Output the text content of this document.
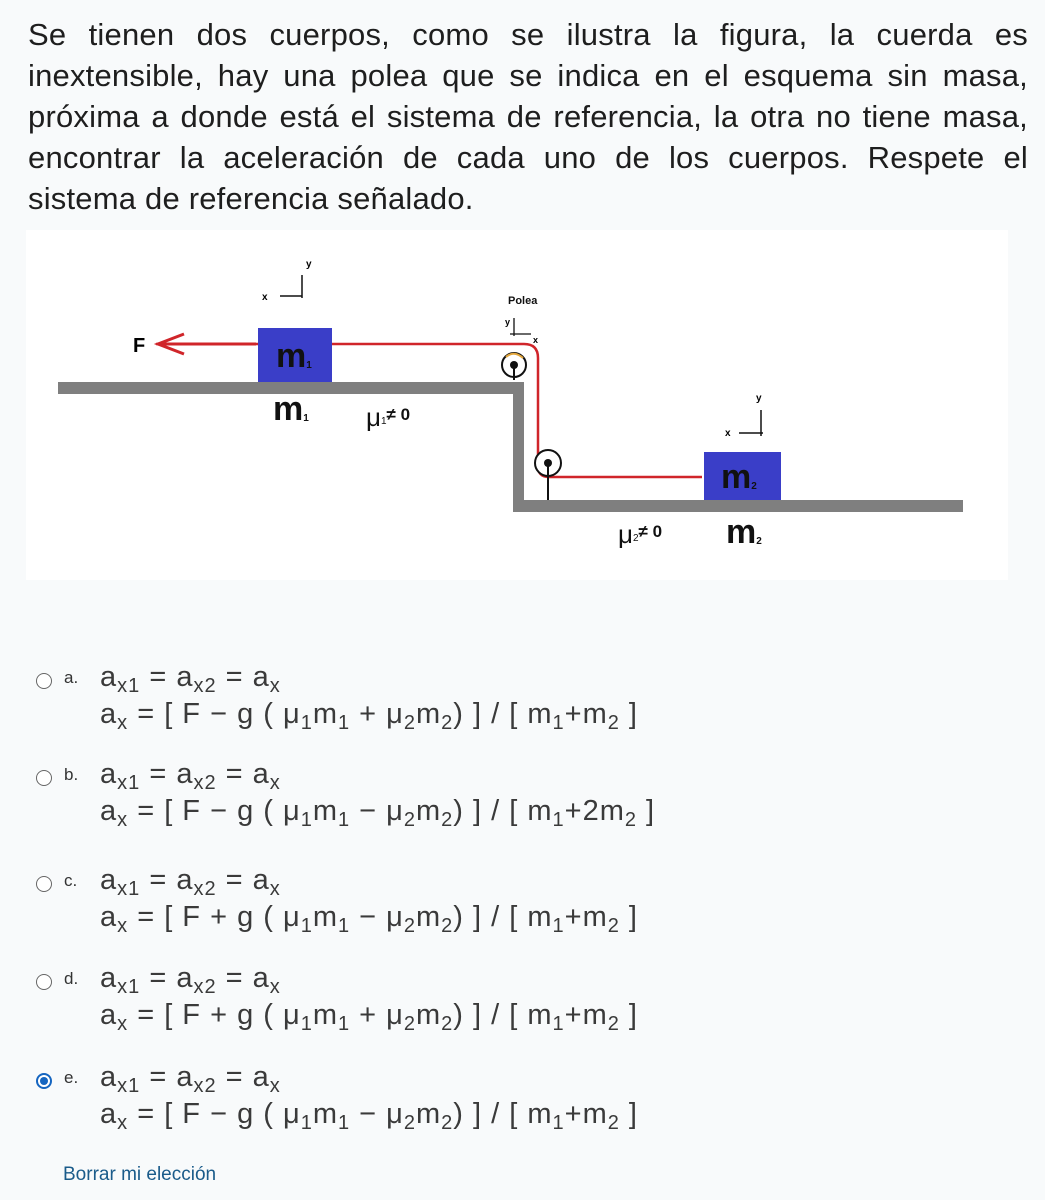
Se tienen dos cuerpos, como se ilustra la figura, la cuerda es inextensible, hay una polea que se indica en el esquema sin masa, próxima a donde está el sistema de referencia, la otra no tiene masa, encontrar la aceleración de cada uno de los cuerpos. Respete el sistema de referencia señalado.
F	m1
m2
m1 μ1≠ 0
μ2≠ 0 m2
Polea
y
x
y
x
y
x
a. $a_{x1} = a_{x2} = a_x$
$a_x$ = [ F − g ( $\mu_1m_1 + \mu_2m_2$) ] / [ $m_1+m_2$ ]
b. $a_{x1} = a_{x2} = a_x$
$a_x$ = [ F − g ( $\mu_1m_1 - \mu_2m_2$) ] / [ $m_1+2m_2$ ]
c. $a_{x1} = a_{x2} = a_x$
$a_x$ = [ F + g ( $\mu_1m_1 - \mu_2m_2$) ] / [ $m_1+m_2$ ]
d. $a_{x1} = a_{x2} = a_x$
$a_x$ = [ F + g ( $\mu_1m_1 + \mu_2m_2$) ] / [ $m_1+m_2$ ]
e. $a_{x1} = a_{x2} = a_x$
$a_x$ = [ F − g ( $\mu_1m_1 - \mu_2m_2$) ] / [ $m_1+m_2$ ]
Borrar mi elección
